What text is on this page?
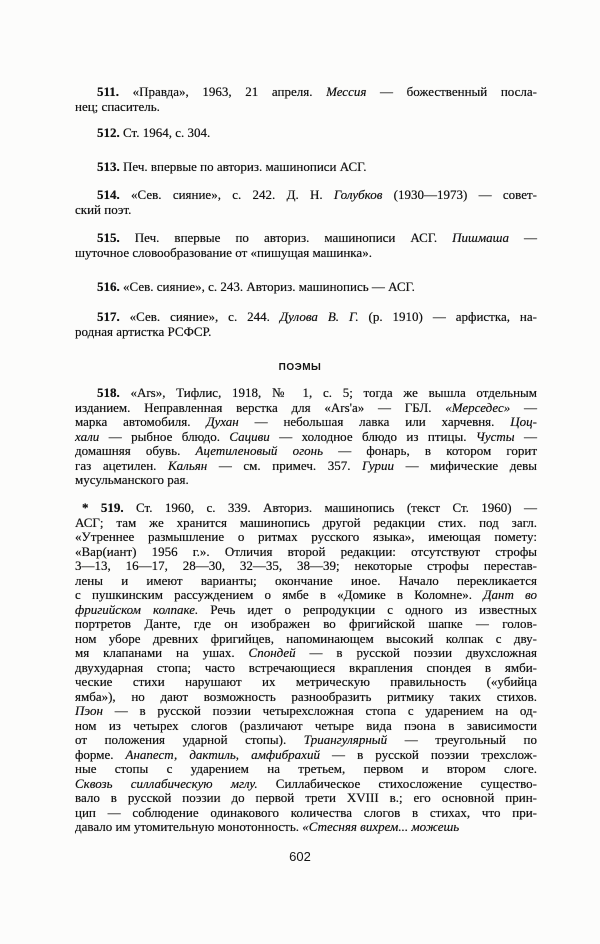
511. «Правда», 1963, 21 апреля. Мессия — божественный посла-
нец; спаситель.
512. Ст. 1964, с. 304.
513. Печ. впервые по авториз. машинописи АСГ.
514. «Сев. сияние», с. 242. Д. Н. Голубков (1930—1973) — совет-
ский поэт.
515. Печ. впервые по авториз. машинописи АСГ. Пишмаша —
шуточное словообразование от «пишущая машинка».
516. «Сев. сияние», с. 243. Авториз. машинопись — АСГ.
517. «Сев. сияние», с. 244. Дулова В. Г. (р. 1910) — арфистка, на-
родная артистка РСФСР.
ПОЭМЫ
518. «Ars», Тифлис, 1918, № 1, с. 5; тогда же вышла отдельным
изданием. Неправленная верстка для «Ars'a» — ГБЛ. «Мерседес» —
марка автомобиля. Духан — небольшая лавка или харчевня. Цоц-
хали — рыбное блюдо. Сациви — холодное блюдо из птицы. Чусты —
домашняя обувь. Ацетиленовый огонь — фонарь, в котором горит
газ ацетилен. Кальян — см. примеч. 357. Гурии — мифические девы
мусульманского рая.
* 519. Ст. 1960, с. 339. Авториз. машинопись (текст Ст. 1960) —
АСГ; там же хранится машинопись другой редакции стих. под загл.
«Утреннее размышление о ритмах русского языка», имеющая помету:
«Вар(иант) 1956 г.». Отличия второй редакции: отсутствуют строфы
3—13, 16—17, 28—30, 32—35, 38—39; некоторые строфы перестав-
лены и имеют варианты; окончание иное. Начало перекликается
с пушкинским рассуждением о ямбе в «Домике в Коломне». Дант во
фригийском колпаке. Речь идет о репродукции с одного из известных
портретов Данте, где он изображен во фригийской шапке — голов-
ном уборе древних фригийцев, напоминающем высокий колпак с дву-
мя клапанами на ушах. Спондей — в русской поэзии двухсложная
двухударная стопа; часто встречающиеся вкрапления спондея в ямби-
ческие стихи нарушают их метрическую правильность («убийца
ямба»), но дают возможность разнообразить ритмику таких стихов.
Пэон — в русской поэзии четырехсложная стопа с ударением на од-
ном из четырех слогов (различают четыре вида пэона в зависимости
от положения ударной стопы). Триангулярный — треугольный по
форме. Анапест, дактиль, амфибрахий — в русской поэзии трехслож-
ные стопы с ударением на третьем, первом и втором слоге.
Сквозь силлабическую мглу. Силлабическое стихосложение существо-
вало в русской поэзии до первой трети XVIII в.; его основной прин-
цип — соблюдение одинакового количества слогов в стихах, что при-
давало им утомительную монотонность. «Стесняя вихрем... можешь
602
